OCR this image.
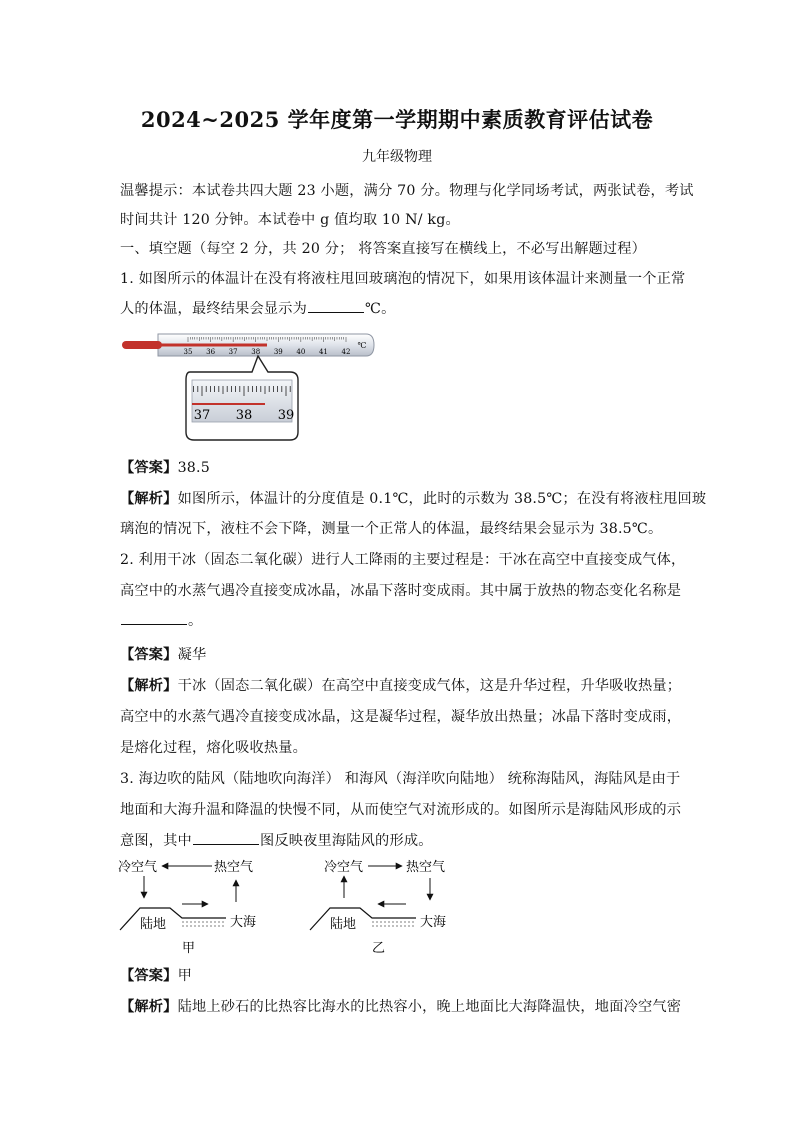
2024~2025 学年度第一学期期中素质教育评估试卷
九年级物理
温馨提示：本试卷共四大题 23 小题，满分 70 分。物理与化学同场考试，两张试卷，考试
时间共计 120 分钟。本试卷中 g 值均取 10 N/ kg。
一、填空题（每空 2 分，共 20 分； 将答案直接写在横线上，不必写出解题过程）
1. 如图所示的体温计在没有将液柱甩回玻璃泡的情况下，如果用该体温计来测量一个正常
人的体温，最终结果会显示为	℃。
35 36 37 38 39 40 41 42
℃
37 38 39
【答案】38.5
【解析】如图所示，体温计的分度值是 0.1℃，此时的示数为 38.5℃；在没有将液柱甩回玻
璃泡的情况下，液柱不会下降，测量一个正常人的体温，最终结果会显示为 38.5℃。
2. 利用干冰（固态二氧化碳）进行人工降雨的主要过程是：干冰在高空中直接变成气体，
高空中的水蒸气遇冷直接变成冰晶，冰晶下落时变成雨。其中属于放热的物态变化名称是
。
【答案】凝华
【解析】干冰（固态二氧化碳）在高空中直接变成气体，这是升华过程，升华吸收热量；
高空中的水蒸气遇冷直接变成冰晶，这是凝华过程，凝华放出热量；冰晶下落时变成雨，
是熔化过程，熔化吸收热量。
3. 海边吹的陆风（陆地吹向海洋） 和海风（海洋吹向陆地） 统称海陆风，海陆风是由于
地面和大海升温和降温的快慢不同，从而使空气对流形成的。如图所示是海陆风形成的示
意图，其中	图反映夜里海陆风的形成。
冷空气	热空气
陆地	大海
甲
冷空气	热空气
陆地	大海
乙
【答案】甲
【解析】陆地上砂石的比热容比海水的比热容小，晚上地面比大海降温快，地面冷空气密
